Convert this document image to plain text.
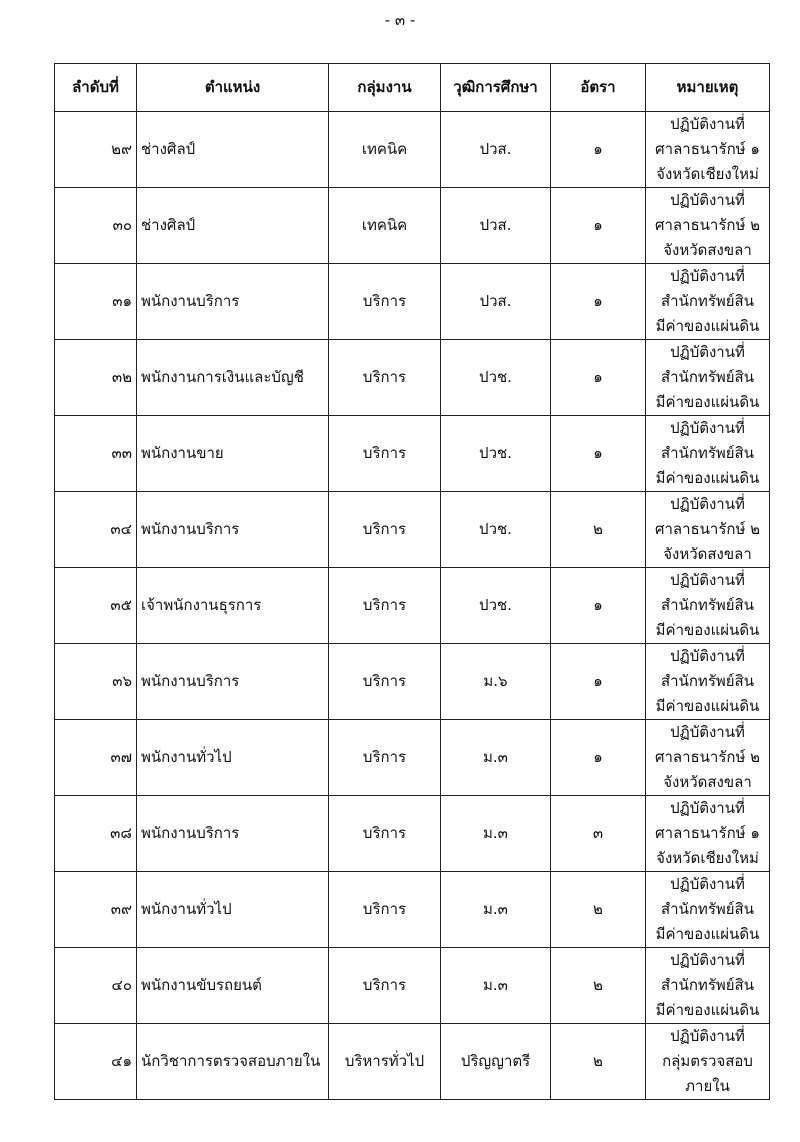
- ๓ -
ลำดับที่	ตำแหน่ง	กลุ่มงาน	วุฒิการศึกษา	อัตรา	หมายเหตุ
๒๙	ช่างศิลป์	เทคนิค	ปวส.	๑	ปฏิบัติงานที่
ศาลาธนารักษ์ ๑
จังหวัดเชียงใหม่

๓๐	ช่างศิลป์	เทคนิค	ปวส.	๑	ปฏิบัติงานที่
ศาลาธนารักษ์ ๒
จังหวัดสงขลา

๓๑	พนักงานบริการ	บริการ	ปวส.	๑	ปฏิบัติงานที่
สำนักทรัพย์สิน
มีค่าของแผ่นดิน

๓๒	พนักงานการเงินและบัญชี	บริการ	ปวช.	๑	ปฏิบัติงานที่
สำนักทรัพย์สิน
มีค่าของแผ่นดิน

๓๓	พนักงานขาย	บริการ	ปวช.	๑	ปฏิบัติงานที่
สำนักทรัพย์สิน
มีค่าของแผ่นดิน

๓๔	พนักงานบริการ	บริการ	ปวช.	๒	ปฏิบัติงานที่
ศาลาธนารักษ์ ๒
จังหวัดสงขลา

๓๕	เจ้าพนักงานธุรการ	บริการ	ปวช.	๑	ปฏิบัติงานที่
สำนักทรัพย์สิน
มีค่าของแผ่นดิน

๓๖	พนักงานบริการ	บริการ	ม.๖	๑	ปฏิบัติงานที่
สำนักทรัพย์สิน
มีค่าของแผ่นดิน

๓๗	พนักงานทั่วไป	บริการ	ม.๓	๑	ปฏิบัติงานที่
ศาลาธนารักษ์ ๒
จังหวัดสงขลา

๓๘	พนักงานบริการ	บริการ	ม.๓	๓	ปฏิบัติงานที่
ศาลาธนารักษ์ ๑
จังหวัดเชียงใหม่

๓๙	พนักงานทั่วไป	บริการ	ม.๓	๒	ปฏิบัติงานที่
สำนักทรัพย์สิน
มีค่าของแผ่นดิน

๔๐	พนักงานขับรถยนต์	บริการ	ม.๓	๒	ปฏิบัติงานที่
สำนักทรัพย์สิน
มีค่าของแผ่นดิน

๔๑	นักวิชาการตรวจสอบภายใน	บริหารทั่วไป	ปริญญาตรี	๒	ปฏิบัติงานที่
กลุ่มตรวจสอบ
ภายใน
